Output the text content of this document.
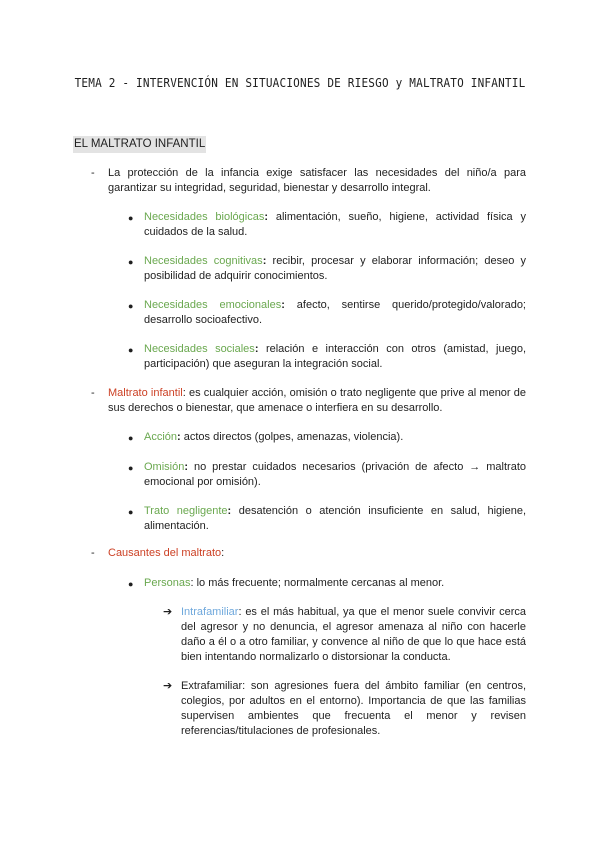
TEMA 2 - INTERVENCIÓN EN SITUACIONES DE RIESGO y MALTRATO INFANTIL
EL MALTRATO INFANTIL
- La protección de la infancia exige satisfacer las necesidades del niño/a para garantizar su integridad, seguridad, bienestar y desarrollo integral.
● Necesidades biológicas: alimentación, sueño, higiene, actividad física y cuidados de la salud.
● Necesidades cognitivas: recibir, procesar y elaborar información; deseo y posibilidad de adquirir conocimientos.
● Necesidades emocionales: afecto, sentirse querido/protegido/valorado; desarrollo socioafectivo.
● Necesidades sociales: relación e interacción con otros (amistad, juego, participación) que aseguran la integración social.
- Maltrato infantil: es cualquier acción, omisión o trato negligente que prive al menor de sus derechos o bienestar, que amenace o interfiera en su desarrollo.
● Acción: actos directos (golpes, amenazas, violencia).
● Omisión: no prestar cuidados necesarios (privación de afecto → maltrato emocional por omisión).
● Trato negligente: desatención o atención insuficiente en salud, higiene, alimentación.
- Causantes del maltrato:
● Personas: lo más frecuente; normalmente cercanas al menor.
➔ Intrafamiliar: es el más habitual, ya que el menor suele convivir cerca del agresor y no denuncia, el agresor amenaza al niño con hacerle daño a él o a otro familiar, y convence al niño de que lo que hace está bien intentando normalizarlo o distorsionar la conducta.
➔ Extrafamiliar: son agresiones fuera del ámbito familiar (en centros, colegios, por adultos en el entorno). Importancia de que las familias supervisen ambientes que frecuenta el menor y revisen referencias/titulaciones de profesionales.
